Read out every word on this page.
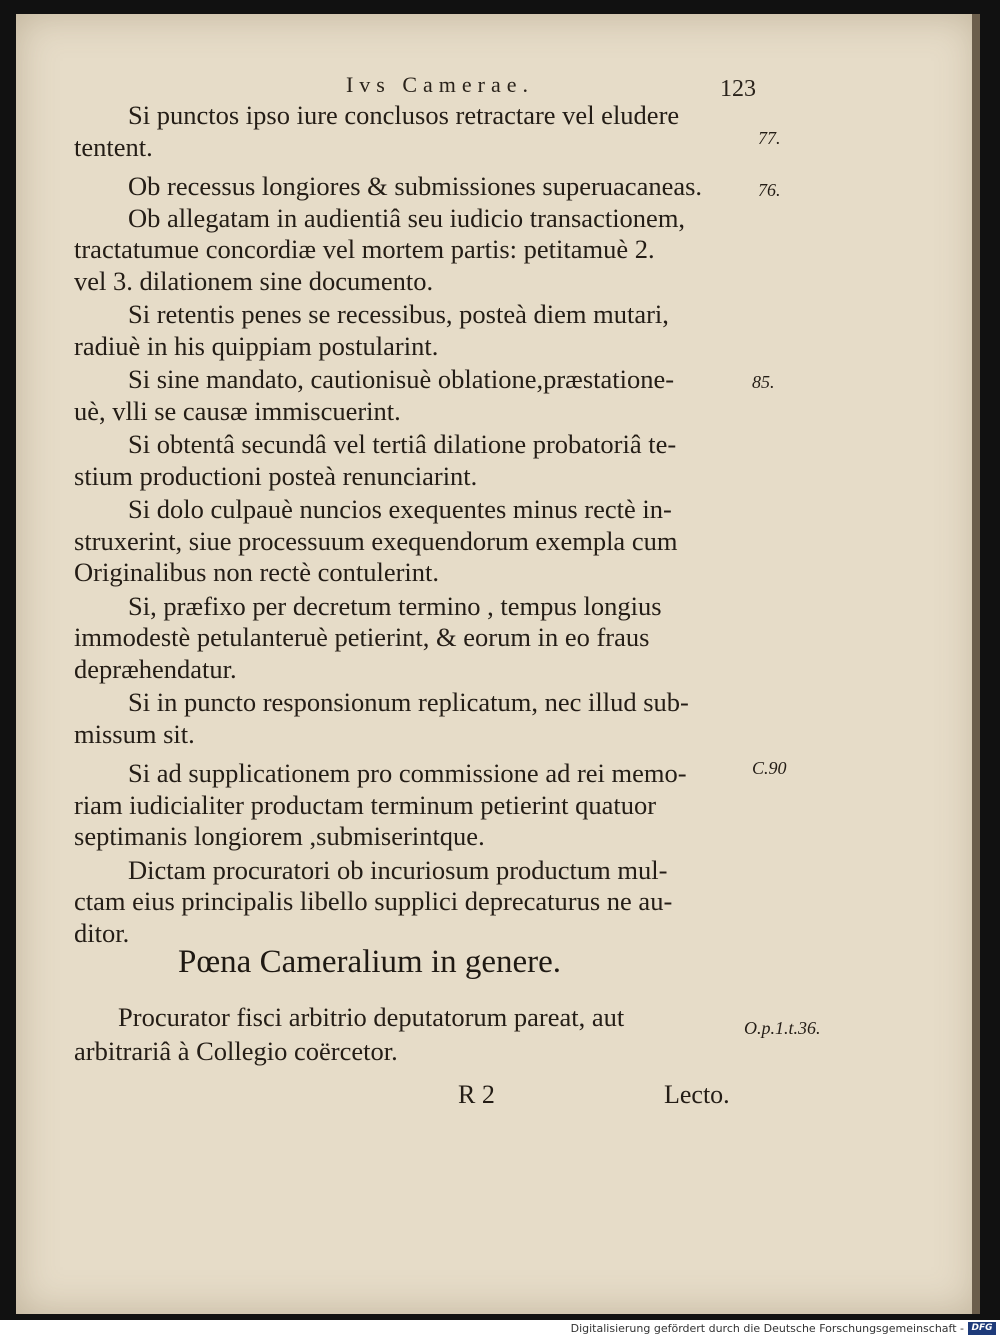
Ivs Camerae.	123
Si punctos ipso iure conclusos retractare vel eludere
tentent.
Ob recessus longiores & submissiones superuacaneas.
Ob allegatam in audientiâ seu iudicio transactionem,
tractatumue concordiæ vel mortem partis: petitamuè 2.
vel 3. dilationem sine documento.
Si retentis penes se recessibus, posteà diem mutari,
radiuè in his quippiam postularint.
Si sine mandato, cautionisuè oblatione,præstatione-
uè, vlli se causæ immiscuerint.
Si obtentâ secundâ vel tertiâ dilatione probatoriâ te-
stium productioni posteà renunciarint.
Si dolo culpauè nuncios exequentes minus rectè in-
struxerint, siue processuum exequendorum exempla cum
Originalibus non rectè contulerint.
Si, præfixo per decretum termino , tempus longius
immodestè petulanteruè petierint, & eorum in eo fraus
depræhendatur.
Si in puncto responsionum replicatum, nec illud sub-
missum sit.
Si ad supplicationem pro commissione ad rei memo-
riam iudicialiter productam terminum petierint quatuor
septimanis longiorem ,submiserintque.
Dictam procuratori ob incuriosum productum mul-
ctam eius principalis libello supplici deprecaturus ne au-
ditor.
77.
76.
85.
C.90
O.p.1.t.36.
Pœna Cameralium in genere.
Procurator fisci arbitrio deputatorum pareat, aut
arbitrariâ à Collegio coërcetor.
R 2	Lecto.
Digitalisierung gefördert durch die Deutsche Forschungsgemeinschaft - DFG
